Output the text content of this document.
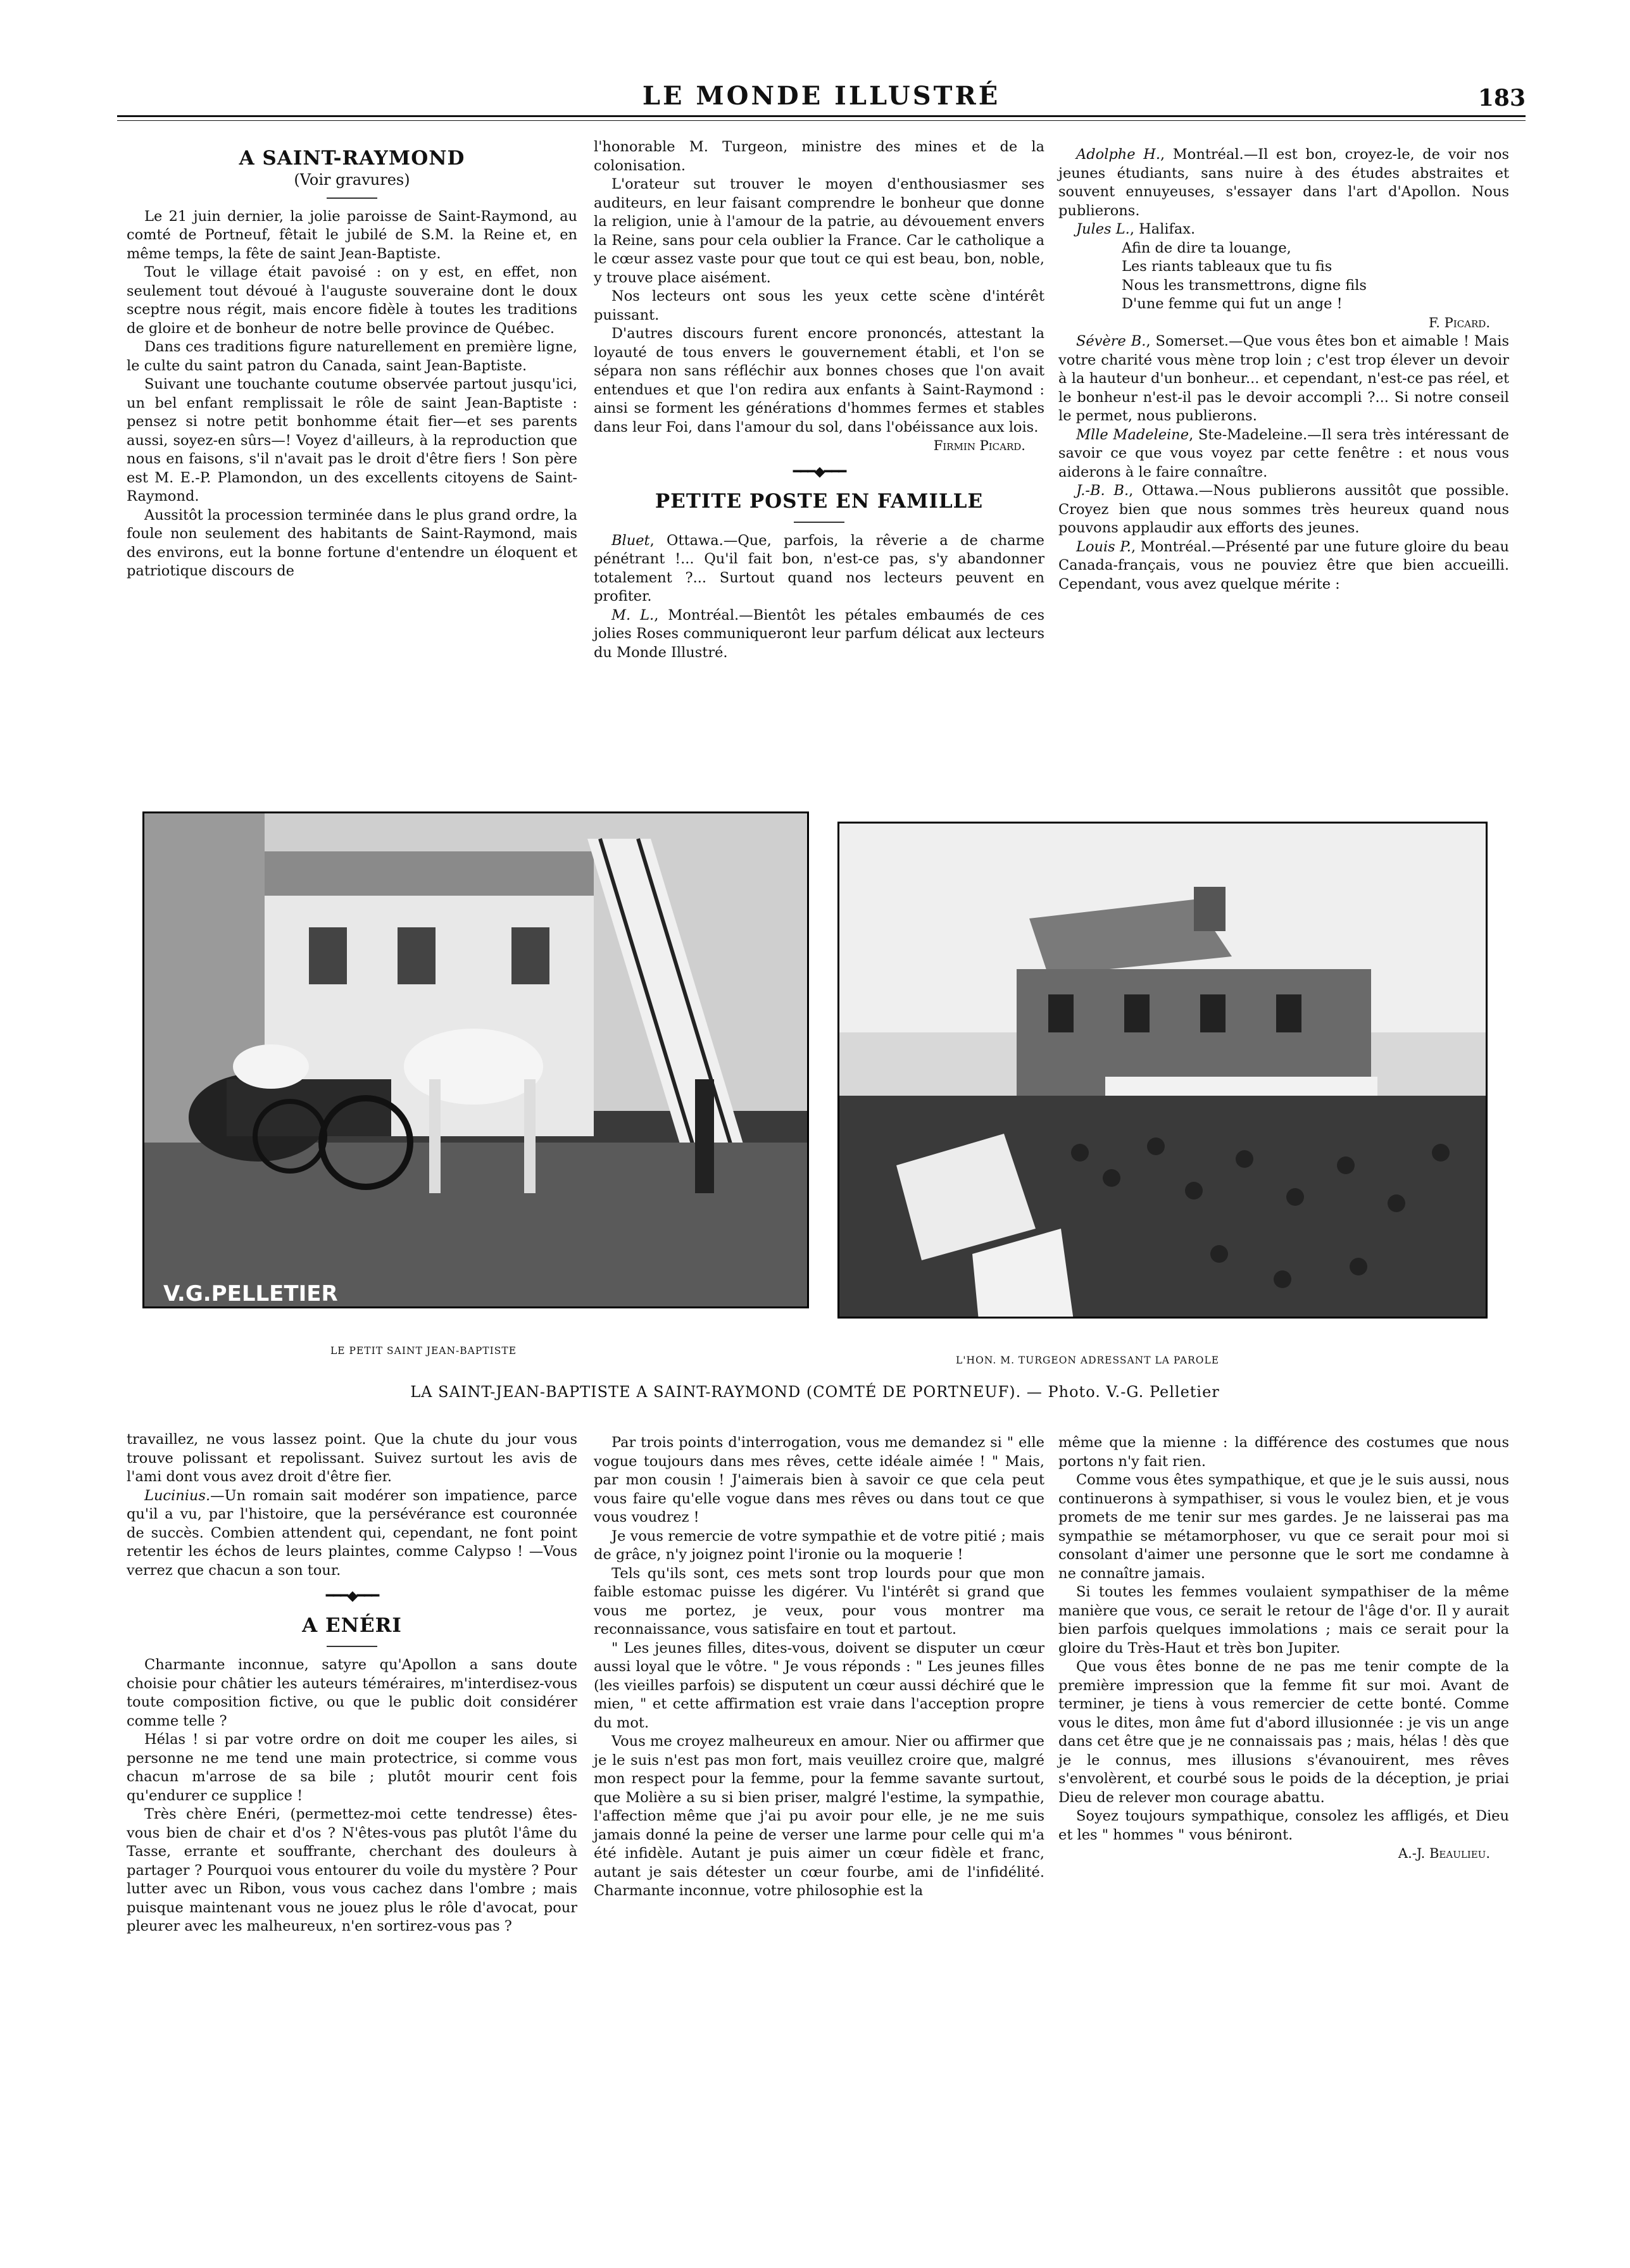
LE MONDE ILLUSTRÉ	183
A SAINT-RAYMOND
(Voir gravures)

Le 21 juin dernier, la jolie paroisse de Saint-Raymond, au comté de Portneuf, fêtait le jubilé de S.M. la Reine et, en même temps, la fête de saint Jean-Baptiste.

Tout le village était pavoisé : on y est, en effet, non seulement tout dévoué à l'auguste souveraine dont le doux sceptre nous régit, mais encore fidèle à toutes les traditions de gloire et de bonheur de notre belle province de Québec.

Dans ces traditions figure naturellement en première ligne, le culte du saint patron du Canada, saint Jean-Baptiste.

Suivant une touchante coutume observée partout jusqu'ici, un bel enfant remplissait le rôle de saint Jean-Baptiste : pensez si notre petit bonhomme était fier—et ses parents aussi, soyez-en sûrs—! Voyez d'ailleurs, à la reproduction que nous en faisons, s'il n'avait pas le droit d'être fiers ! Son père est M. E.-P. Plamondon, un des excellents citoyens de Saint-Raymond.

Aussitôt la procession terminée dans le plus grand ordre, la foule non seulement des habitants de Saint-Raymond, mais des environs, eut la bonne fortune d'entendre un éloquent et patriotique discours de

l'honorable M. Turgeon, ministre des mines et de la colonisation.

L'orateur sut trouver le moyen d'enthousiasmer ses auditeurs, en leur faisant comprendre le bonheur que donne la religion, unie à l'amour de la patrie, au dévouement envers la Reine, sans pour cela oublier la France. Car le catholique a le cœur assez vaste pour que tout ce qui est beau, bon, noble, y trouve place aisément.

Nos lecteurs ont sous les yeux cette scène d'intérêt puissant.

D'autres discours furent encore prononcés, attestant la loyauté de tous envers le gouvernement établi, et l'on se sépara non sans réfléchir aux bonnes choses que l'on avait entendues et que l'on redira aux enfants à Saint-Raymond : ainsi se forment les générations d'hommes fermes et stables dans leur Foi, dans l'amour du sol, dans l'obéissance aux lois.

Firmin Picard.

━━━◆━━━
PETITE POSTE EN FAMILLE

Bluet, Ottawa.—Que, parfois, la rêverie a de charme pénétrant !... Qu'il fait bon, n'est-ce pas, s'y abandonner totalement ?... Surtout quand nos lecteurs peuvent en profiter.

M. L., Montréal.—Bientôt les pétales embaumés de ces jolies Roses communiqueront leur parfum délicat aux lecteurs du Monde Illustré.

Adolphe H., Montréal.—Il est bon, croyez-le, de voir nos jeunes étudiants, sans nuire à des études abstraites et souvent ennuyeuses, s'essayer dans l'art d'Apollon. Nous publierons.

Jules L., Halifax.

Afin de dire ta louange,

Les riants tableaux que tu fis

Nous les transmettrons, digne fils

D'une femme qui fut un ange !

F. Picard.

Sévère B., Somerset.—Que vous êtes bon et aimable ! Mais votre charité vous mène trop loin ; c'est trop élever un devoir à la hauteur d'un bonheur... et cependant, n'est-ce pas réel, et le bonheur n'est-il pas le devoir accompli ?... Si notre conseil le permet, nous publierons.

Mlle Madeleine, Ste-Madeleine.—Il sera très intéressant de savoir ce que vous voyez par cette fenêtre : et nous vous aiderons à le faire connaître.

J.-B. B., Ottawa.—Nous publierons aussitôt que possible. Croyez bien que nous sommes très heureux quand nous pouvons applaudir aux efforts des jeunes.

Louis P., Montréal.—Présenté par une future gloire du beau Canada-français, vous ne pouviez être que bien accueilli. Cependant, vous avez quelque mérite :

V.G.PELLETIER
LE PETIT SAINT JEAN-BAPTISTE
L'HON. M. TURGEON ADRESSANT LA PAROLE
LA SAINT-JEAN-BAPTISTE A SAINT-RAYMOND (COMTÉ DE PORTNEUF). — Photo. V.-G. Pelletier

travaillez, ne vous lassez point. Que la chute du jour vous trouve polissant et repolissant. Suivez surtout les avis de l'ami dont vous avez droit d'être fier.

Lucinius.—Un romain sait modérer son impatience, parce qu'il a vu, par l'histoire, que la persévérance est couronnée de succès. Combien attendent qui, cependant, ne font point retentir les échos de leurs plaintes, comme Calypso ! —Vous verrez que chacun a son tour.

━━━◆━━━
A ENÉRI

Charmante inconnue, satyre qu'Apollon a sans doute choisie pour châtier les auteurs téméraires, m'interdisez-vous toute composition fictive, ou que le public doit considérer comme telle ?

Hélas ! si par votre ordre on doit me couper les ailes, si personne ne me tend une main protectrice, si comme vous chacun m'arrose de sa bile ; plutôt mourir cent fois qu'endurer ce supplice !

Très chère Enéri, (permettez-moi cette tendresse) êtes-vous bien de chair et d'os ? N'êtes-vous pas plutôt l'âme du Tasse, errante et souffrante, cherchant des douleurs à partager ? Pourquoi vous entourer du voile du mystère ? Pour lutter avec un Ribon, vous vous cachez dans l'ombre ; mais puisque maintenant vous ne jouez plus le rôle d'avocat, pour pleurer avec les malheureux, n'en sortirez-vous pas ?

Par trois points d'interrogation, vous me demandez si " elle vogue toujours dans mes rêves, cette idéale aimée ! " Mais, par mon cousin ! J'aimerais bien à savoir ce que cela peut vous faire qu'elle vogue dans mes rêves ou dans tout ce que vous voudrez !

Je vous remercie de votre sympathie et de votre pitié ; mais de grâce, n'y joignez point l'ironie ou la moquerie !

Tels qu'ils sont, ces mets sont trop lourds pour que mon faible estomac puisse les digérer. Vu l'intérêt si grand que vous me portez, je veux, pour vous montrer ma reconnaissance, vous satisfaire en tout et partout.

" Les jeunes filles, dites-vous, doivent se disputer un cœur aussi loyal que le vôtre. " Je vous réponds : " Les jeunes filles (les vieilles parfois) se disputent un cœur aussi déchiré que le mien, " et cette affirmation est vraie dans l'acception propre du mot.

Vous me croyez malheureux en amour. Nier ou affirmer que je le suis n'est pas mon fort, mais veuillez croire que, malgré mon respect pour la femme, pour la femme savante surtout, que Molière a su si bien priser, malgré l'estime, la sympathie, l'affection même que j'ai pu avoir pour elle, je ne me suis jamais donné la peine de verser une larme pour celle qui m'a été infidèle. Autant je puis aimer un cœur fidèle et franc, autant je sais détester un cœur fourbe, ami de l'infidélité. Charmante inconnue, votre philosophie est la

même que la mienne : la différence des costumes que nous portons n'y fait rien.

Comme vous êtes sympathique, et que je le suis aussi, nous continuerons à sympathiser, si vous le voulez bien, et je vous promets de me tenir sur mes gardes. Je ne laisserai pas ma sympathie se métamorphoser, vu que ce serait pour moi si consolant d'aimer une personne que le sort me condamne à ne connaître jamais.

Si toutes les femmes voulaient sympathiser de la même manière que vous, ce serait le retour de l'âge d'or. Il y aurait bien parfois quelques immolations ; mais ce serait pour la gloire du Très-Haut et très bon Jupiter.

Que vous êtes bonne de ne pas me tenir compte de la première impression que la femme fit sur moi. Avant de terminer, je tiens à vous remercier de cette bonté. Comme vous le dites, mon âme fut d'abord illusionnée : je vis un ange dans cet être que je ne connaissais pas ; mais, hélas ! dès que je le connus, mes illusions s'évanouirent, mes rêves s'envolèrent, et courbé sous le poids de la déception, je priai Dieu de relever mon courage abattu.

Soyez toujours sympathique, consolez les affligés, et Dieu et les " hommes " vous béniront.

A.-J. Beaulieu.
